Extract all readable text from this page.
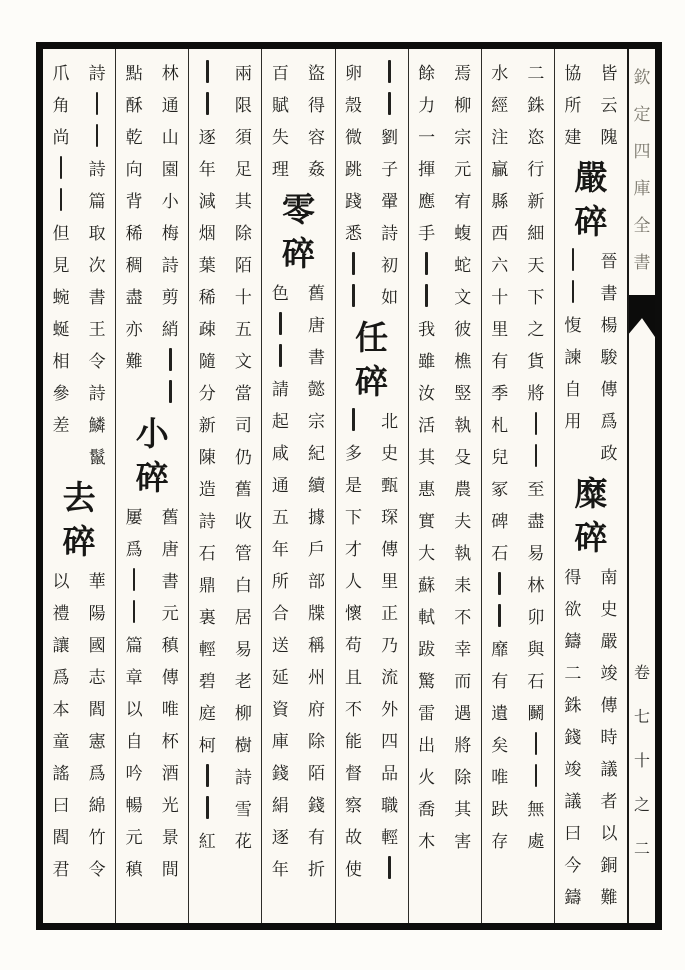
欽
定
四
庫
全
書
卷
七
十
之
二
皆
云
隗
協
所
建
嚴
碎
晉
書
楊
駿
傳
爲
政
愎
諫
自
用
糜
碎
南
史
嚴
竣
傳
時
議
者
以
銅
難
得
欲
鑄
二
銖
錢
竣
議
曰
今
鑄
二
銖
恣
行
新
細
天
下
之
貨
將
至
盡
易
林
卯
與
石
鬭
無
處
水
經
注
贏
縣
西
六
十
里
有
季
札
兒
冢
碑
石
靡
有
遺
矣
唯
趺
存
焉
柳
宗
元
宥
蝮
蛇
文
彼
樵
竪
執
殳
農
夫
執
耒
不
幸
而
遇
將
除
其
害
餘
力
一
揮
應
手
我
雖
汝
活
其
惠
實
大
蘇
軾
跋
驚
雷
出
火
喬
木
劉
子
翬
詩
初
如
卵
殼
微
跳
踐
悉
任
碎
北
史
甄
琛
傳
里
正
乃
流
外
四
品
職
輕
多
是
下
才
人
懷
苟
且
不
能
督
察
故
使
盜
得
容
姦
百
賦
失
理
零
碎
舊
唐
書
懿
宗
紀
續
據
戶
部
牒
稱
州
府
除
陌
錢
有
折
色
請
起
咸
通
五
年
所
合
送
延
資
庫
錢
絹
逐
年
兩
限
須
足
其
除
陌
十
五
文
當
司
仍
舊
收
管
白
居
易
老
柳
樹
詩
雪
花
逐
年
減
烟
葉
稀
疎
隨
分
新
陳
造
詩
石
鼎
裏
輕
碧
庭
柯
紅
林
通
山
園
小
梅
詩
剪
綃
點
酥
乾
向
背
稀
稠
盡
亦
難
小
碎
舊
唐
書
元
稹
傳
唯
杯
酒
光
景
間
屢
爲
篇
章
以
自
吟
暢
元
稹
詩
詩
篇
取
次
書
王
令
詩
鱗
鬣
爪
角
尚
但
見
蜿
蜒
相
參
差
去
碎
華
陽
國
志
閻
憲
爲
綿
竹
令
以
禮
讓
爲
本
童
謠
曰
閻
君
